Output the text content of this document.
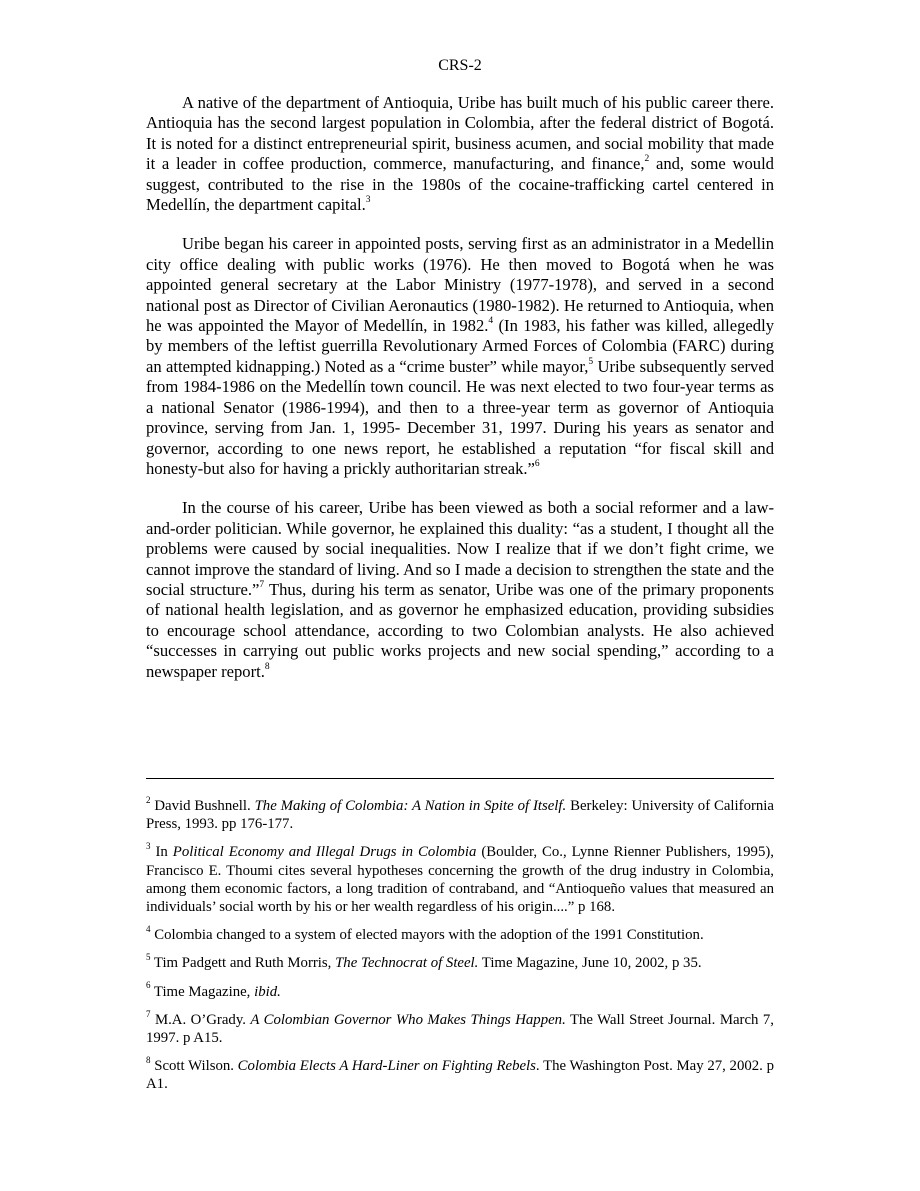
CRS-2

A native of the department of Antioquia, Uribe has built much of his public career there. Antioquia has the second largest population in Colombia, after the federal district of Bogotá. It is noted for a distinct entrepreneurial spirit, business acumen, and social mobility that made it a leader in coffee production, commerce, manufacturing, and finance,$^2$ and, some would suggest, contributed to the rise in the 1980s of the cocaine-trafficking cartel centered in Medellín, the department capital.$^3$

Uribe began his career in appointed posts, serving first as an administrator in a Medellin city office dealing with public works (1976). He then moved to Bogotá when he was appointed general secretary at the Labor Ministry (1977-1978), and served in a second national post as Director of Civilian Aeronautics (1980-1982). He returned to Antioquia, when he was appointed the Mayor of Medellín, in 1982.$^4$ (In 1983, his father was killed, allegedly by members of the leftist guerrilla Revolutionary Armed Forces of Colombia (FARC) during an attempted kidnapping.) Noted as a “crime buster” while mayor,$^5$ Uribe subsequently served from 1984-1986 on the Medellín town council. He was next elected to two four-year terms as a national Senator (1986-1994), and then to a three-year term as governor of Antioquia province, serving from Jan. 1, 1995- December 31, 1997. During his years as senator and governor, according to one news report, he established a reputation “for fiscal skill and honesty-but also for having a prickly authoritarian streak.”$^6$

In the course of his career, Uribe has been viewed as both a social reformer and a law-and-order politician. While governor, he explained this duality: “as a student, I thought all the problems were caused by social inequalities. Now I realize that if we don’t fight crime, we cannot improve the standard of living. And so I made a decision to strengthen the state and the social structure.”$^7$ Thus, during his term as senator, Uribe was one of the primary proponents of national health legislation, and as governor he emphasized education, providing subsidies to encourage school attendance, according to two Colombian analysts. He also achieved “successes in carrying out public works projects and new social spending,” according to a newspaper report.$^8$

$^2$ David Bushnell. The Making of Colombia: A Nation in Spite of Itself. Berkeley: University of California Press, 1993. pp 176-177.

$^3$ In Political Economy and Illegal Drugs in Colombia (Boulder, Co., Lynne Rienner Publishers, 1995), Francisco E. Thoumi cites several hypotheses concerning the growth of the drug industry in Colombia, among them economic factors, a long tradition of contraband, and “Antioqueño values that measured an individuals’ social worth by his or her wealth regardless of his origin....” p 168.

$^4$ Colombia changed to a system of elected mayors with the adoption of the 1991 Constitution.

$^5$ Tim Padgett and Ruth Morris, The Technocrat of Steel. Time Magazine, June 10, 2002, p 35.

$^6$ Time Magazine, ibid.

$^7$ M.A. O’Grady. A Colombian Governor Who Makes Things Happen. The Wall Street Journal. March 7, 1997. p A15.

$^8$ Scott Wilson. Colombia Elects A Hard-Liner on Fighting Rebels. The Washington Post. May 27, 2002. p A1.
